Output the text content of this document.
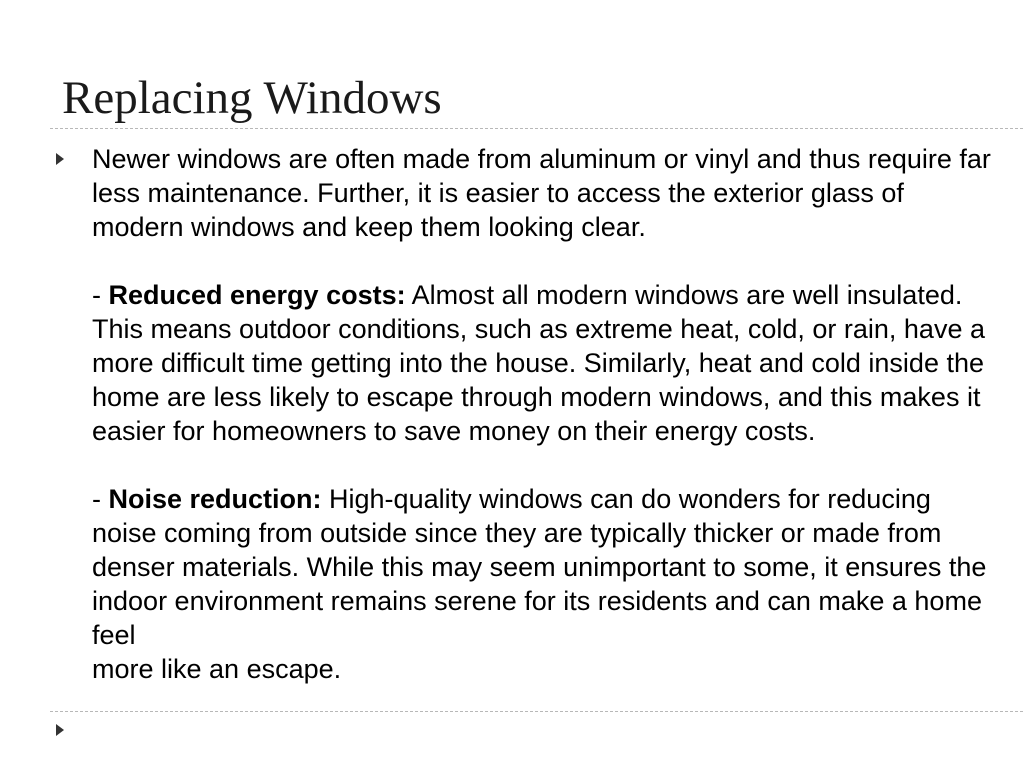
Replacing Windows

Newer windows are often made from aluminum or vinyl and thus require far less maintenance. Further, it is easier to access the exterior glass of modern windows and keep them looking clear.

- Reduced energy costs: Almost all modern windows are well insulated. This means outdoor conditions, such as extreme heat, cold, or rain, have a more difficult time getting into the house. Similarly, heat and cold inside the home are less likely to escape through modern windows, and this makes it easier for homeowners to save money on their energy costs.

- Noise reduction: High-quality windows can do wonders for reducing noise coming from outside since they are typically thicker or made from denser materials. While this may seem unimportant to some, it ensures the indoor environment remains serene for its residents and can make a home feel
more like an escape.
